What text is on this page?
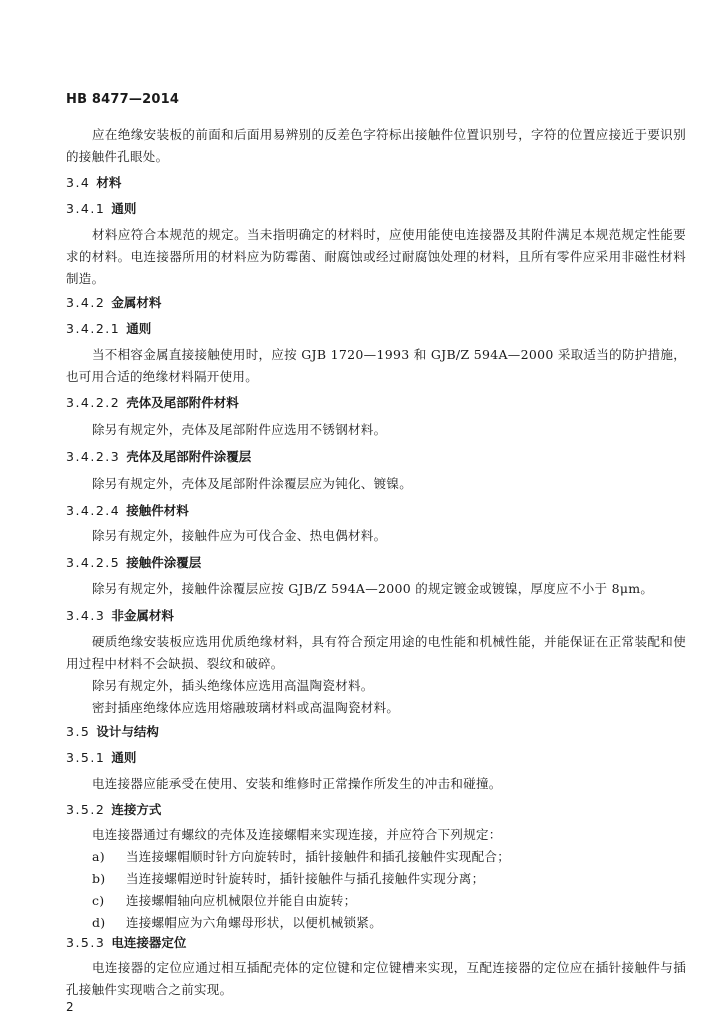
HB 8477—2014
应在绝缘安装板的前面和后面用易辨别的反差色字符标出接触件位置识别号，字符的位置应接近于要识别的接触件孔眼处。
3.4 材料
3.4.1 通则
材料应符合本规范的规定。当未指明确定的材料时，应使用能使电连接器及其附件满足本规范规定性能要求的材料。电连接器所用的材料应为防霉菌、耐腐蚀或经过耐腐蚀处理的材料，且所有零件应采用非磁性材料制造。
3.4.2 金属材料
3.4.2.1 通则
当不相容金属直接接触使用时，应按 GJB 1720—1993 和 GJB/Z 594A—2000 采取适当的防护措施，也可用合适的绝缘材料隔开使用。
3.4.2.2 壳体及尾部附件材料
除另有规定外，壳体及尾部附件应选用不锈钢材料。
3.4.2.3 壳体及尾部附件涂覆层
除另有规定外，壳体及尾部附件涂覆层应为钝化、镀镍。
3.4.2.4 接触件材料
除另有规定外，接触件应为可伐合金、热电偶材料。
3.4.2.5 接触件涂覆层
除另有规定外，接触件涂覆层应按 GJB/Z 594A—2000 的规定镀金或镀镍，厚度应不小于 8μm。
3.4.3 非金属材料
硬质绝缘安装板应选用优质绝缘材料，具有符合预定用途的电性能和机械性能，并能保证在正常装配和使用过程中材料不会缺损、裂纹和破碎。
除另有规定外，插头绝缘体应选用高温陶瓷材料。
密封插座绝缘体应选用熔融玻璃材料或高温陶瓷材料。
3.5 设计与结构
3.5.1 通则
电连接器应能承受在使用、安装和维修时正常操作所发生的冲击和碰撞。
3.5.2 连接方式
电连接器通过有螺纹的壳体及连接螺帽来实现连接，并应符合下列规定：
a) 当连接螺帽顺时针方向旋转时，插针接触件和插孔接触件实现配合；
b) 当连接螺帽逆时针旋转时，插针接触件与插孔接触件实现分离；
c) 连接螺帽轴向应机械限位并能自由旋转；
d) 连接螺帽应为六角螺母形状，以便机械锁紧。
3.5.3 电连接器定位
电连接器的定位应通过相互插配壳体的定位键和定位键槽来实现，互配连接器的定位应在插针接触件与插孔接触件实现啮合之前实现。
2
